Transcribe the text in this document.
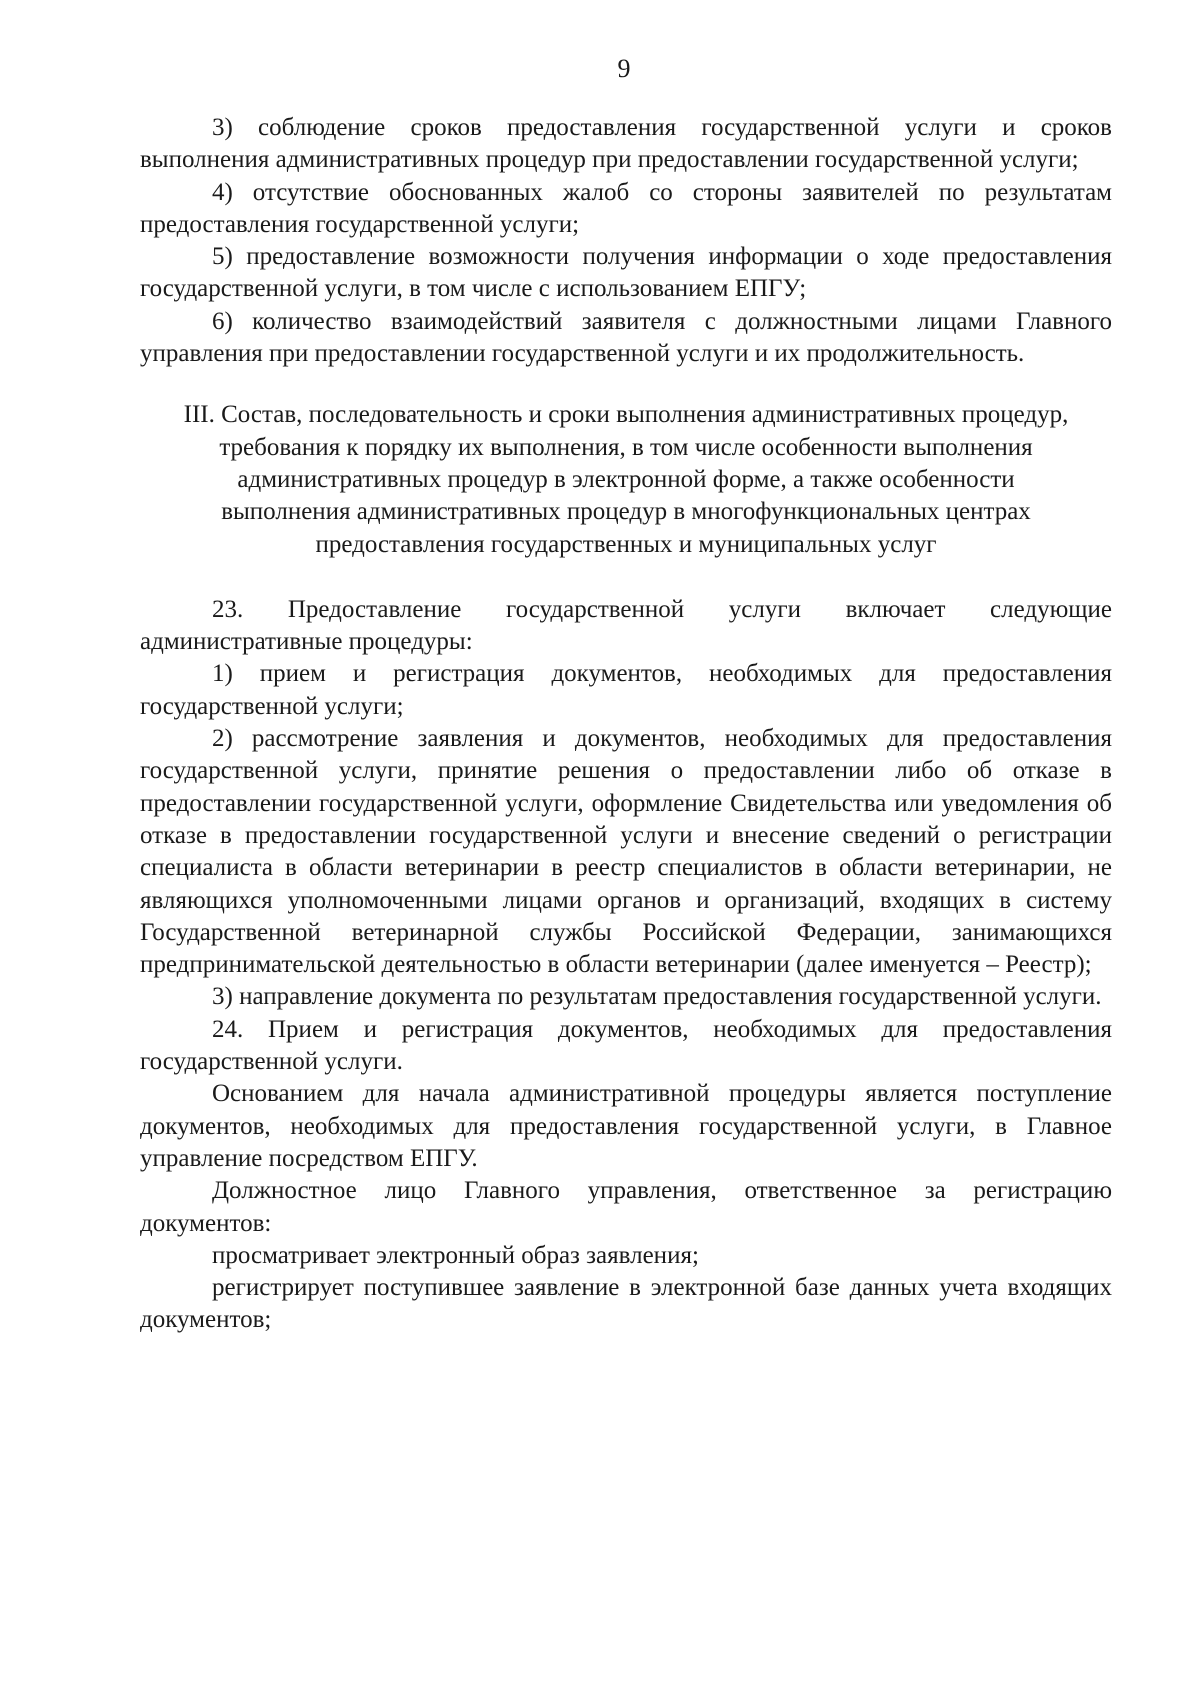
9

3) соблюдение сроков предоставления государственной услуги и сроков выполнения административных процедур при предоставлении государственной услуги;

4) отсутствие обоснованных жалоб со стороны заявителей по результатам предоставления государственной услуги;

5) предоставление возможности получения информации о ходе предоставления государственной услуги, в том числе с использованием ЕПГУ;

6) количество взаимодействий заявителя с должностными лицами Главного управления при предоставлении государственной услуги и их продолжительность.

III. Состав, последовательность и сроки выполнения административных процедур, требования к порядку их выполнения, в том числе особенности выполнения административных процедур в электронной форме, а также особенности выполнения административных процедур в многофункциональных центрах предоставления государственных и муниципальных услуг

23. Предоставление государственной услуги включает следующие административные процедуры:

1) прием и регистрация документов, необходимых для предоставления государственной услуги;

2) рассмотрение заявления и документов, необходимых для предоставления государственной услуги, принятие решения о предоставлении либо об отказе в предоставлении государственной услуги, оформление Свидетельства или уведомления об отказе в предоставлении государственной услуги и внесение сведений о регистрации специалиста в области ветеринарии в реестр специалистов в области ветеринарии, не являющихся уполномоченными лицами органов и организаций, входящих в систему Государственной ветеринарной службы Российской Федерации, занимающихся предпринимательской деятельностью в области ветеринарии (далее именуется – Реестр);

3) направление документа по результатам предоставления государственной услуги.

24. Прием и регистрация документов, необходимых для предоставления государственной услуги.

Основанием для начала административной процедуры является поступление документов, необходимых для предоставления государственной услуги, в Главное управление посредством ЕПГУ.

Должностное лицо Главного управления, ответственное за регистрацию документов:

просматривает электронный образ заявления;

регистрирует поступившее заявление в электронной базе данных учета входящих документов;
